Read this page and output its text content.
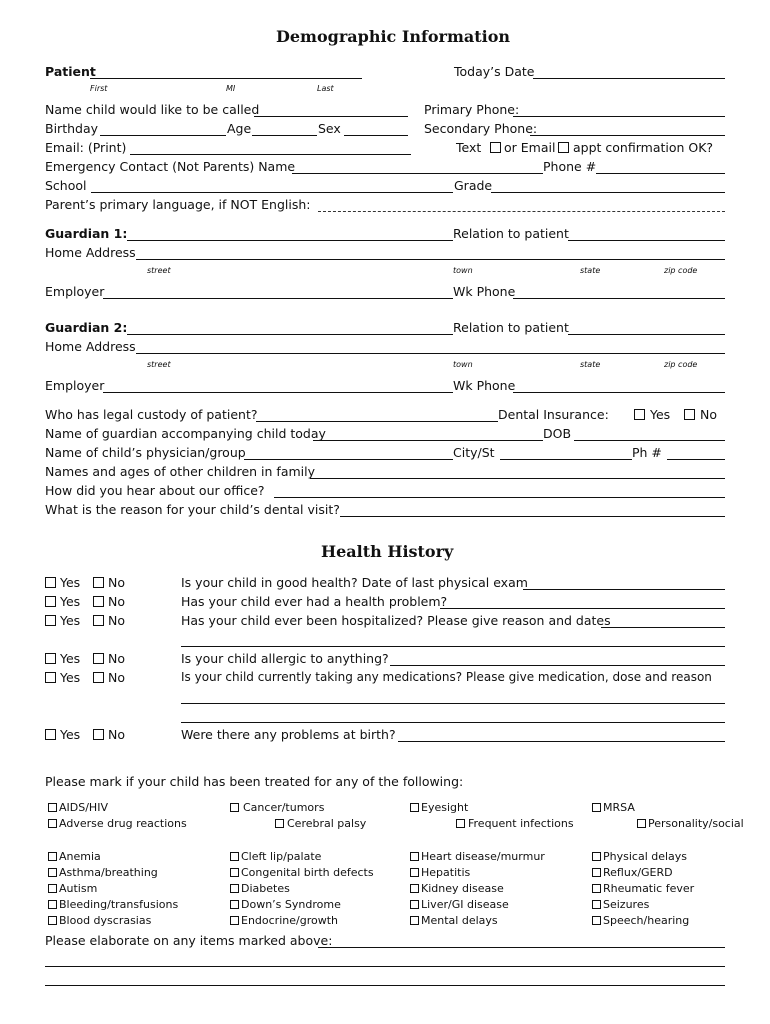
Demographic Information
Patient
First	MI	Last
Today’s Date
Name child would like to be called	Primary Phone:
Birthday	Age	Sex	Secondary Phone:
Email: (Print)	Text or Email appt confirmation OK?
Emergency Contact (Not Parents) Name	Phone #
School	Grade
Parent’s primary language, if NOT English:
Guardian 1:	Relation to patient
Home Address
street	town	state	zip code
Employer	Wk Phone
Guardian 2:	Relation to patient
Home Address
street	town	state	zip code
Employer	Wk Phone
Who has legal custody of patient?	Dental Insurance:	Yes No
Name of guardian accompanying child today	DOB
Name of child’s physician/group	City/St	Ph #
Names and ages of other children in family
How did you hear about our office?
What is the reason for your child’s dental visit?
Health History
Yes No	Is your child in good health? Date of last physical exam
Yes No	Has your child ever had a health problem?
Yes No	Has your child ever been hospitalized? Please give reason and dates
Yes No	Is your child allergic to anything?
Yes No	Is your child currently taking any medications? Please give medication, dose and reason
Yes No	Were there any problems at birth?
Please mark if your child has been treated for any of the following:
AIDS/HIV	Cancer/tumors	Eyesight	MRSA
Adverse drug reactions	Cerebral palsy	Frequent infections	Personality/social
Anemia	Cleft lip/palate	Heart disease/murmur	Physical delays
Asthma/breathing	Congenital birth defects	Hepatitis	Reflux/GERD
Autism	Diabetes	Kidney disease	Rheumatic fever
Bleeding/transfusions	Down’s Syndrome	Liver/GI disease	Seizures
Blood dyscrasias	Endocrine/growth	Mental delays	Speech/hearing
Please elaborate on any items marked above:
